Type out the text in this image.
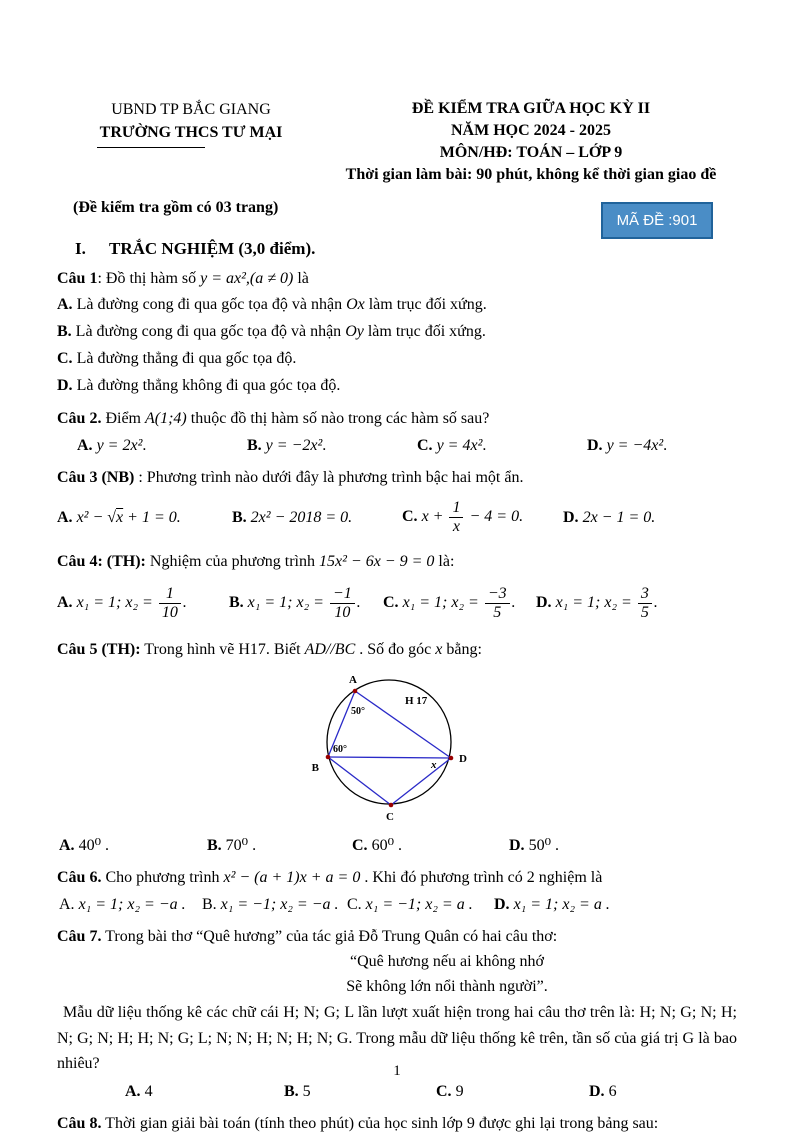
UBND TP BẮC GIANG
TRƯỜNG THCS TƯ MẠI
ĐỀ KIỂM TRA GIỮA HỌC KỲ II
NĂM HỌC 2024 - 2025
MÔN/HĐ: TOÁN – LỚP 9
Thời gian làm bài: 90 phút, không kể thời gian giao đề
(Đề kiểm tra gồm có 03 trang)
MÃ ĐỀ :901
I.	TRẮC NGHIỆM (3,0 điểm).

Câu 1: Đồ thị hàm số y = ax²,(a ≠ 0) là

A. Là đường cong đi qua gốc tọa độ và nhận Ox làm trục đối xứng.

B. Là đường cong đi qua gốc tọa độ và nhận Oy làm trục đối xứng.

C. Là đường thẳng đi qua gốc tọa độ.

D. Là đường thẳng không đi qua góc tọa độ.

Câu 2. Điểm A(1;4) thuộc đồ thị hàm số nào trong các hàm số sau?

A. y = 2x².	B. y = −2x².	C. y = 4x².	D. y = −4x².

Câu 3 (NB) : Phương trình nào dưới đây là phương trình bậc hai một ẩn.

A. x² − √x + 1 = 0.	B. 2x² − 2018 = 0.	C. $x + \frac{1}{x} - 4 = 0$.	D. 2x − 1 = 0.

Câu 4: (TH): Nghiệm của phương trình 15x² − 6x − 9 = 0 là:

A. x₁ = 1; $x_2 = \frac{1}{10}$ .	B. x₁ = 1; $x_2 = \frac{-1}{10}$ .	C. x₁ = 1; $x_2 = \frac{-3}{5}$ .	D. x₁ = 1; $x_2 = \frac{3}{5}$ .

Câu 5 (TH): Trong hình vẽ H17. Biết AD//BC . Số đo góc x bằng:

A
B
C
D
H 17
50°
60°
x
A. 40⁰ .	B. 70⁰ .	C. 60⁰ .	D. 50⁰ .

Câu 6. Cho phương trình x² − (a + 1)x + a = 0 . Khi đó phương trình có 2 nghiệm là

A. x₁ = 1; x₂ = −a .	B. x₁ = −1; x₂ = −a . C. x₁ = −1; x₂ = a .	D. x₁ = 1; x₂ = a .

Câu 7. Trong bài thơ “Quê hương” của tác giả Đỗ Trung Quân có hai câu thơ:

“Quê hương nếu ai không nhớ
Sẽ không lớn nổi thành người”.
Mẫu dữ liệu thống kê các chữ cái H; N; G; L lần lượt xuất hiện trong hai câu thơ trên là: H; N; G; N; H; N; G; N; H; H; N; G; L; N; N; H; N; H; N; G. Trong mẫu dữ liệu thống kê trên, tần số của giá trị G là bao nhiêu?
A. 4	B. 5	C. 9	D. 6

Câu 8. Thời gian giải bài toán (tính theo phút) của học sinh lớp 9 được ghi lại trong bảng sau:

1
